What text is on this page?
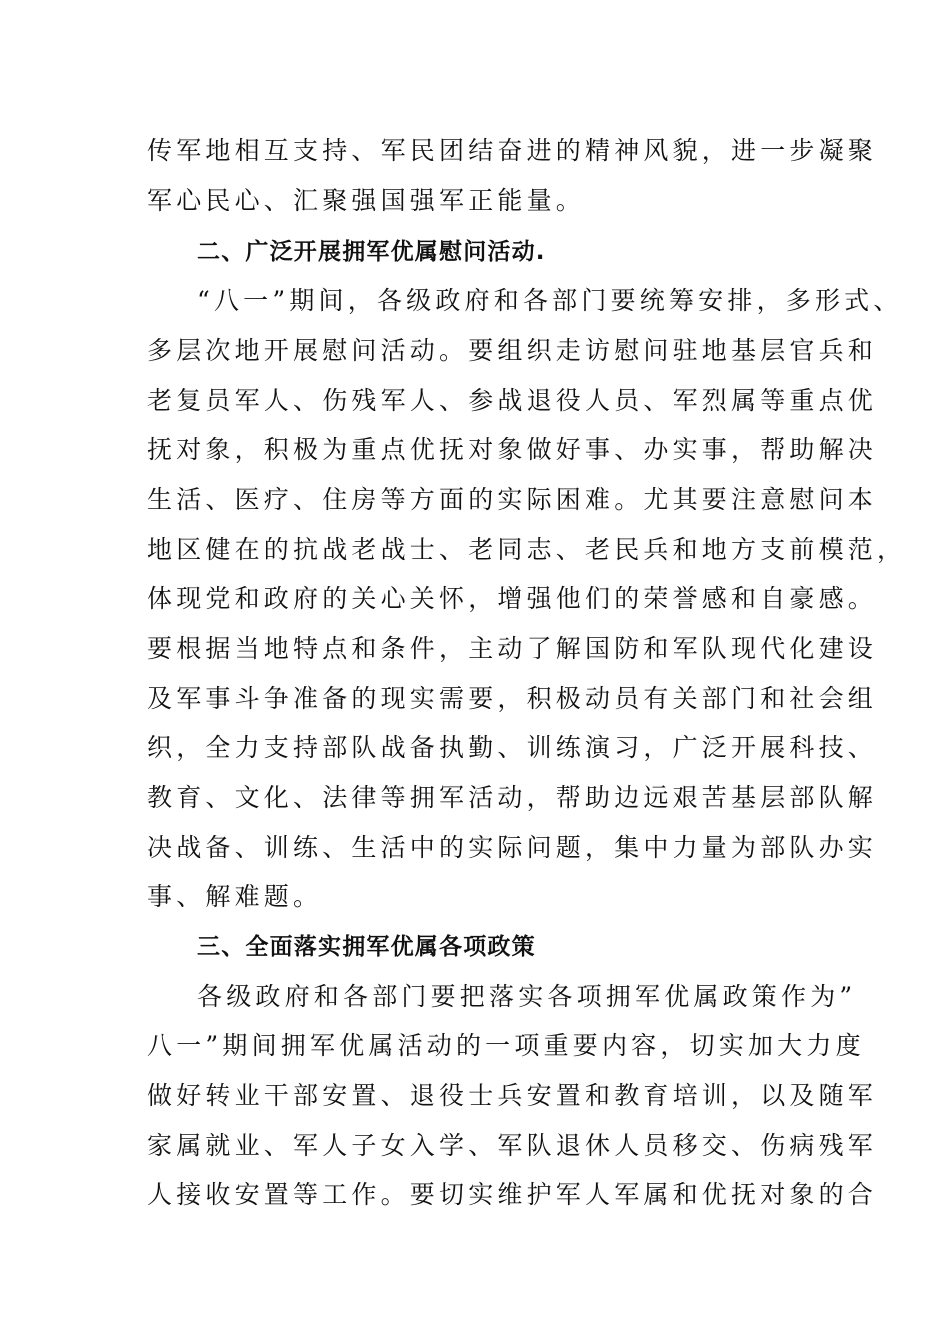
传军地相互支持、军民团结奋进的精神风貌，进一步凝聚
军心民心、汇聚强国强军正能量。
二、广泛开展拥军优属慰问活动.
“八一”期间，各级政府和各部门要统筹安排，多形式、
多层次地开展慰问活动。要组织走访慰问驻地基层官兵和
老复员军人、伤残军人、参战退役人员、军烈属等重点优
抚对象，积极为重点优抚对象做好事、办实事，帮助解决
生活、医疗、住房等方面的实际困难。尤其要注意慰问本
地区健在的抗战老战士、老同志、老民兵和地方支前模范，
体现党和政府的关心关怀，增强他们的荣誉感和自豪感。
要根据当地特点和条件，主动了解国防和军队现代化建设
及军事斗争准备的现实需要，积极动员有关部门和社会组
织，全力支持部队战备执勤、训练演习，广泛开展科技、
教育、文化、法律等拥军活动，帮助边远艰苦基层部队解
决战备、训练、生活中的实际问题，集中力量为部队办实
事、解难题。
三、全面落实拥军优属各项政策
各级政府和各部门要把落实各项拥军优属政策作为”
八一”期间拥军优属活动的一项重要内容，切实加大力度
做好转业干部安置、退役士兵安置和教育培训，以及随军
家属就业、军人子女入学、军队退休人员移交、伤病残军
人接收安置等工作。要切实维护军人军属和优抚对象的合
